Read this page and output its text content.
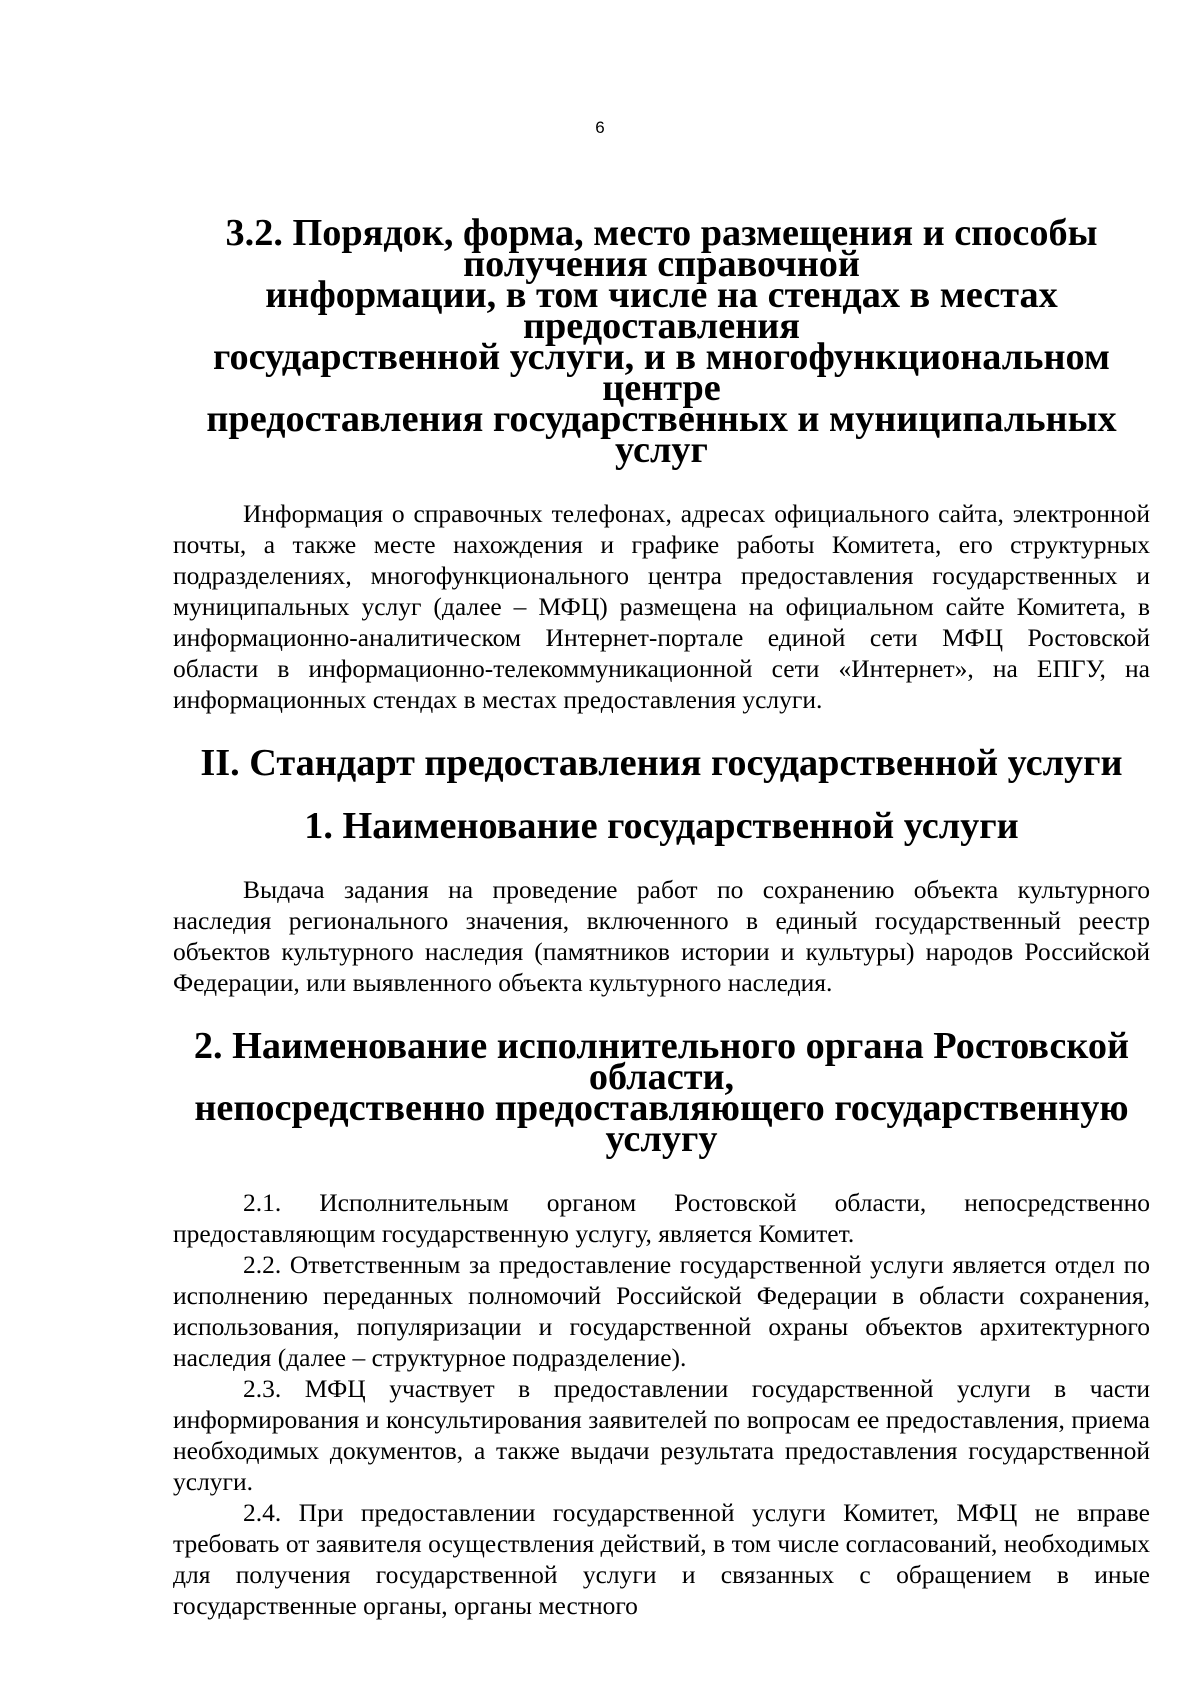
6
3.2. Порядок, форма, место размещения и способы получения справочной
информации, в том числе на стендах в местах предоставления
государственной услуги, и в многофункциональном центре
предоставления государственных и муниципальных услуг

Информация о справочных телефонах, адресах официального сайта, электронной почты, а также месте нахождения и графике работы Комитета, его структурных подразделениях, многофункционального центра предоставления государственных и муниципальных услуг (далее – МФЦ) размещена на официальном сайте Комитета, в информационно-аналитическом Интернет-портале единой сети МФЦ Ростовской области в информационно-телекоммуникационной сети «Интернет», на ЕПГУ, на информационных стендах в местах предоставления услуги.

II. Стандарт предоставления государственной услуги
1. Наименование государственной услуги

Выдача задания на проведение работ по сохранению объекта культурного наследия регионального значения, включенного в единый государственный реестр объектов культурного наследия (памятников истории и культуры) народов Российской Федерации, или выявленного объекта культурного наследия.

2. Наименование исполнительного органа Ростовской области,
непосредственно предоставляющего государственную услугу

2.1. Исполнительным органом Ростовской области, непосредственно предоставляющим государственную услугу, является Комитет.

2.2. Ответственным за предоставление государственной услуги является отдел по исполнению переданных полномочий Российской Федерации в области сохранения, использования, популяризации и государственной охраны объектов архитектурного наследия (далее – структурное подразделение).

2.3. МФЦ участвует в предоставлении государственной услуги в части информирования и консультирования заявителей по вопросам ее предоставления, приема необходимых документов, а также выдачи результата предоставления государственной услуги.

2.4. При предоставлении государственной услуги Комитет, МФЦ не вправе требовать от заявителя осуществления действий, в том числе согласований, необходимых для получения государственной услуги и связанных с обращением в иные государственные органы, органы местного
